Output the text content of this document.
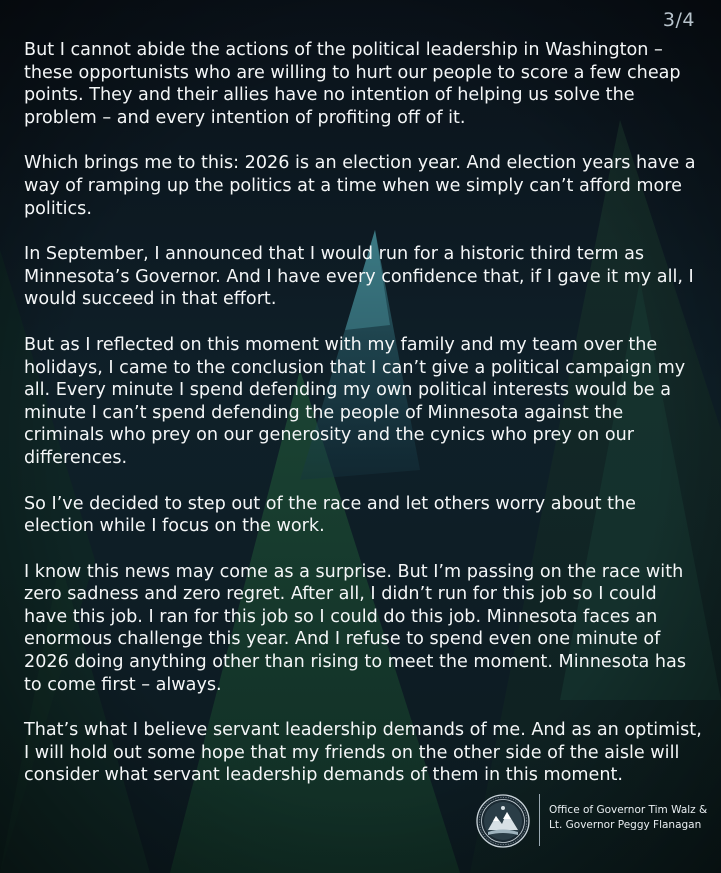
3/4

But I cannot abide the actions of the political leadership in Washington – these opportunists who are willing to hurt our people to score a few cheap points. They and their allies have no intention of helping us solve the problem – and every intention of profiting off of it.

Which brings me to this: 2026 is an election year. And election years have a way of ramping up the politics at a time when we simply can’t afford more politics.

In September, I announced that I would run for a historic third term as Minnesota’s Governor. And I have every confidence that, if I gave it my all, I would succeed in that effort.

But as I reflected on this moment with my family and my team over the holidays, I came to the conclusion that I can’t give a political campaign my all. Every minute I spend defending my own political interests would be a minute I can’t spend defending the people of Minnesota against the criminals who prey on our generosity and the cynics who prey on our differences.

So I’ve decided to step out of the race and let others worry about the election while I focus on the work.

I know this news may come as a surprise. But I’m passing on the race with zero sadness and zero regret. After all, I didn’t run for this job so I could have this job. I ran for this job so I could do this job. Minnesota faces an enormous challenge this year. And I refuse to spend even one minute of 2026 doing anything other than rising to meet the moment. Minnesota has to come first – always.

That’s what I believe servant leadership demands of me. And as an optimist, I will hold out some hope that my friends on the other side of the aisle will consider what servant leadership demands of them in this moment.

Office of Governor Tim Walz &
Lt. Governor Peggy Flanagan
